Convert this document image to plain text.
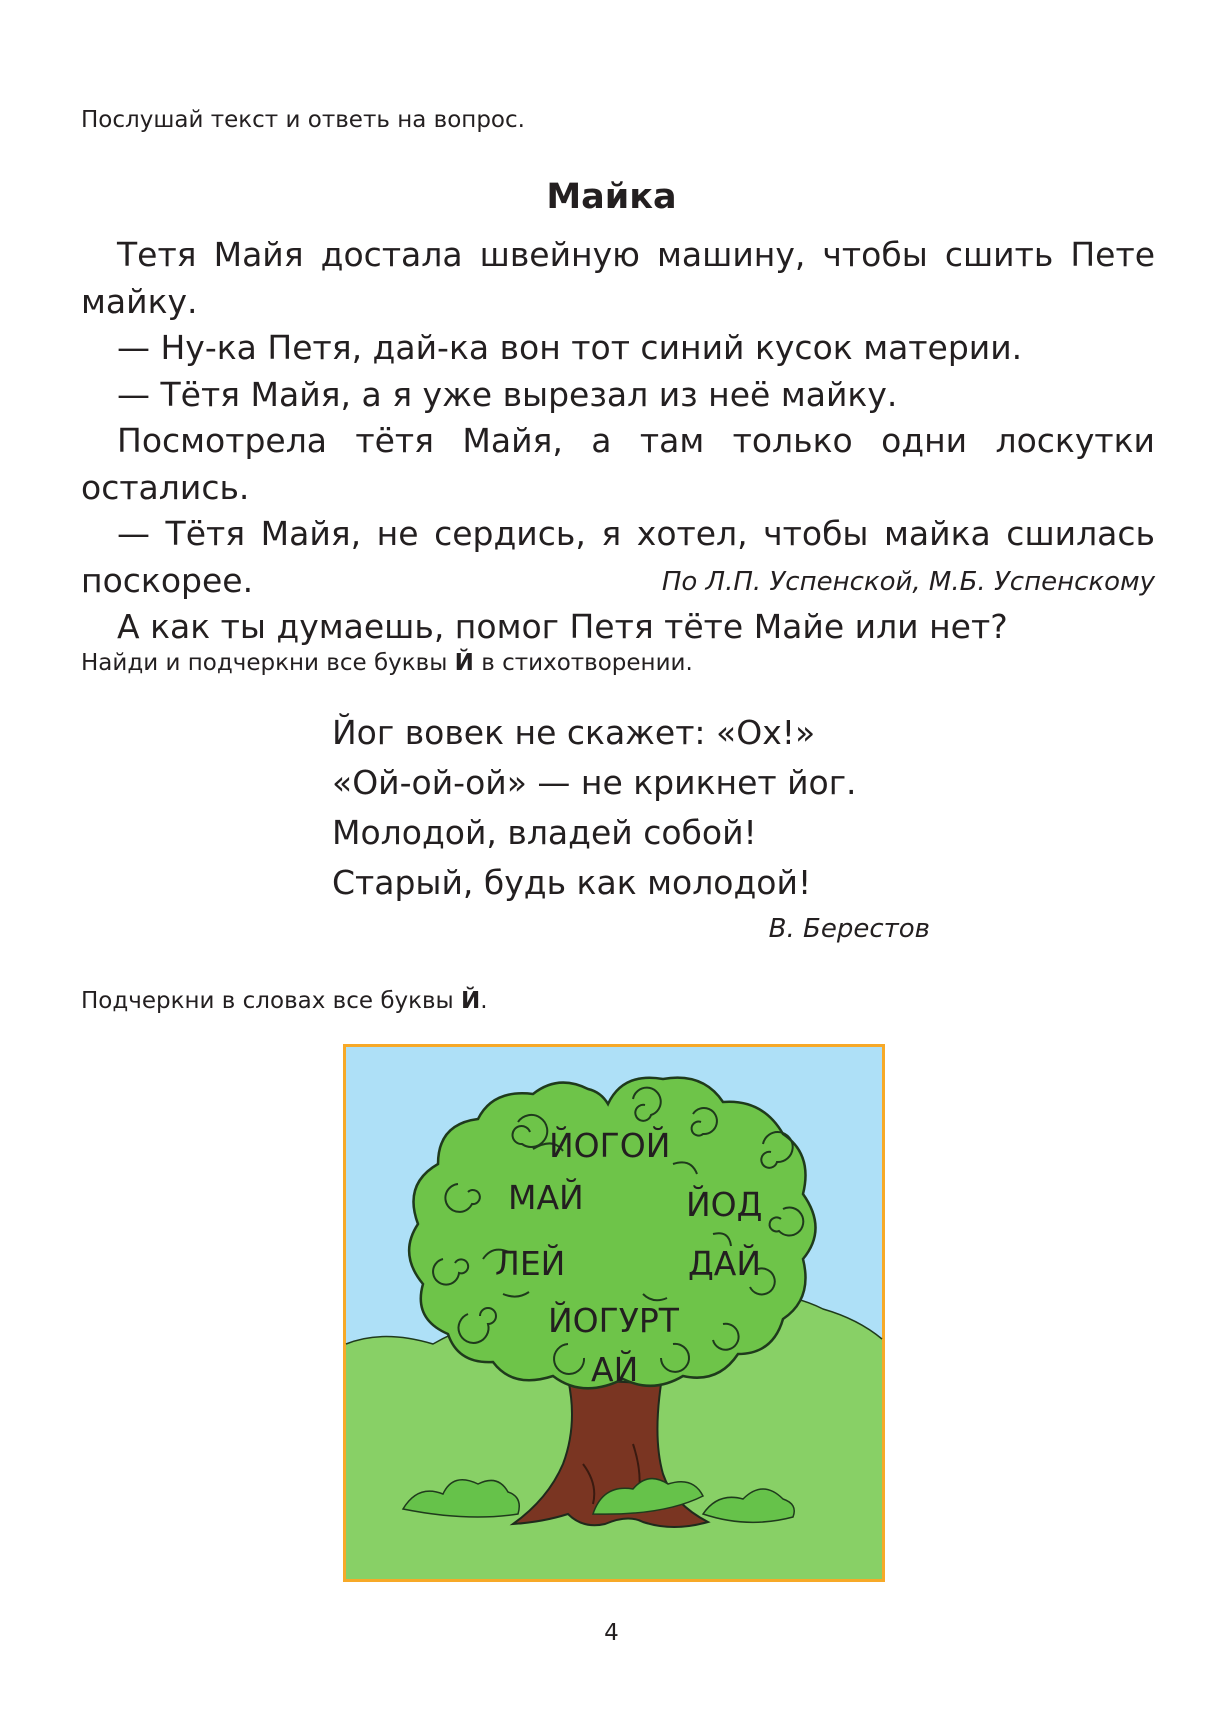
Послушай текст и ответь на вопрос.
Майка

Тетя Майя достала швейную машину, чтобы сшить Пете майку.

— Ну-ка Петя, дай-ка вон тот синий кусок материи.

— Тётя Майя, а я уже вырезал из неё майку.

Посмотрела тётя Майя, а там только одни лоскутки остались.

— Тётя Майя, не сердись, я хотел, чтобы майка сшилась

поскорее.

А как ты думаешь, помог Петя тёте Майе или нет?

По Л.П. Успенской, М.Б. Успенскому
Найди и подчеркни все буквы Й в стихотворении.
Йог вовек не скажет: «Ох!»
«Ой-ой-ой» — не крикнет йог.
Молодой, владей собой!
Старый, будь как молодой!
В. Берестов
Подчеркни в словах все буквы Й.
ЙОГОЙ
МАЙ	ЙОД
ЛЕЙ	ДАЙ
ЙОГУРТ
АЙ
4
